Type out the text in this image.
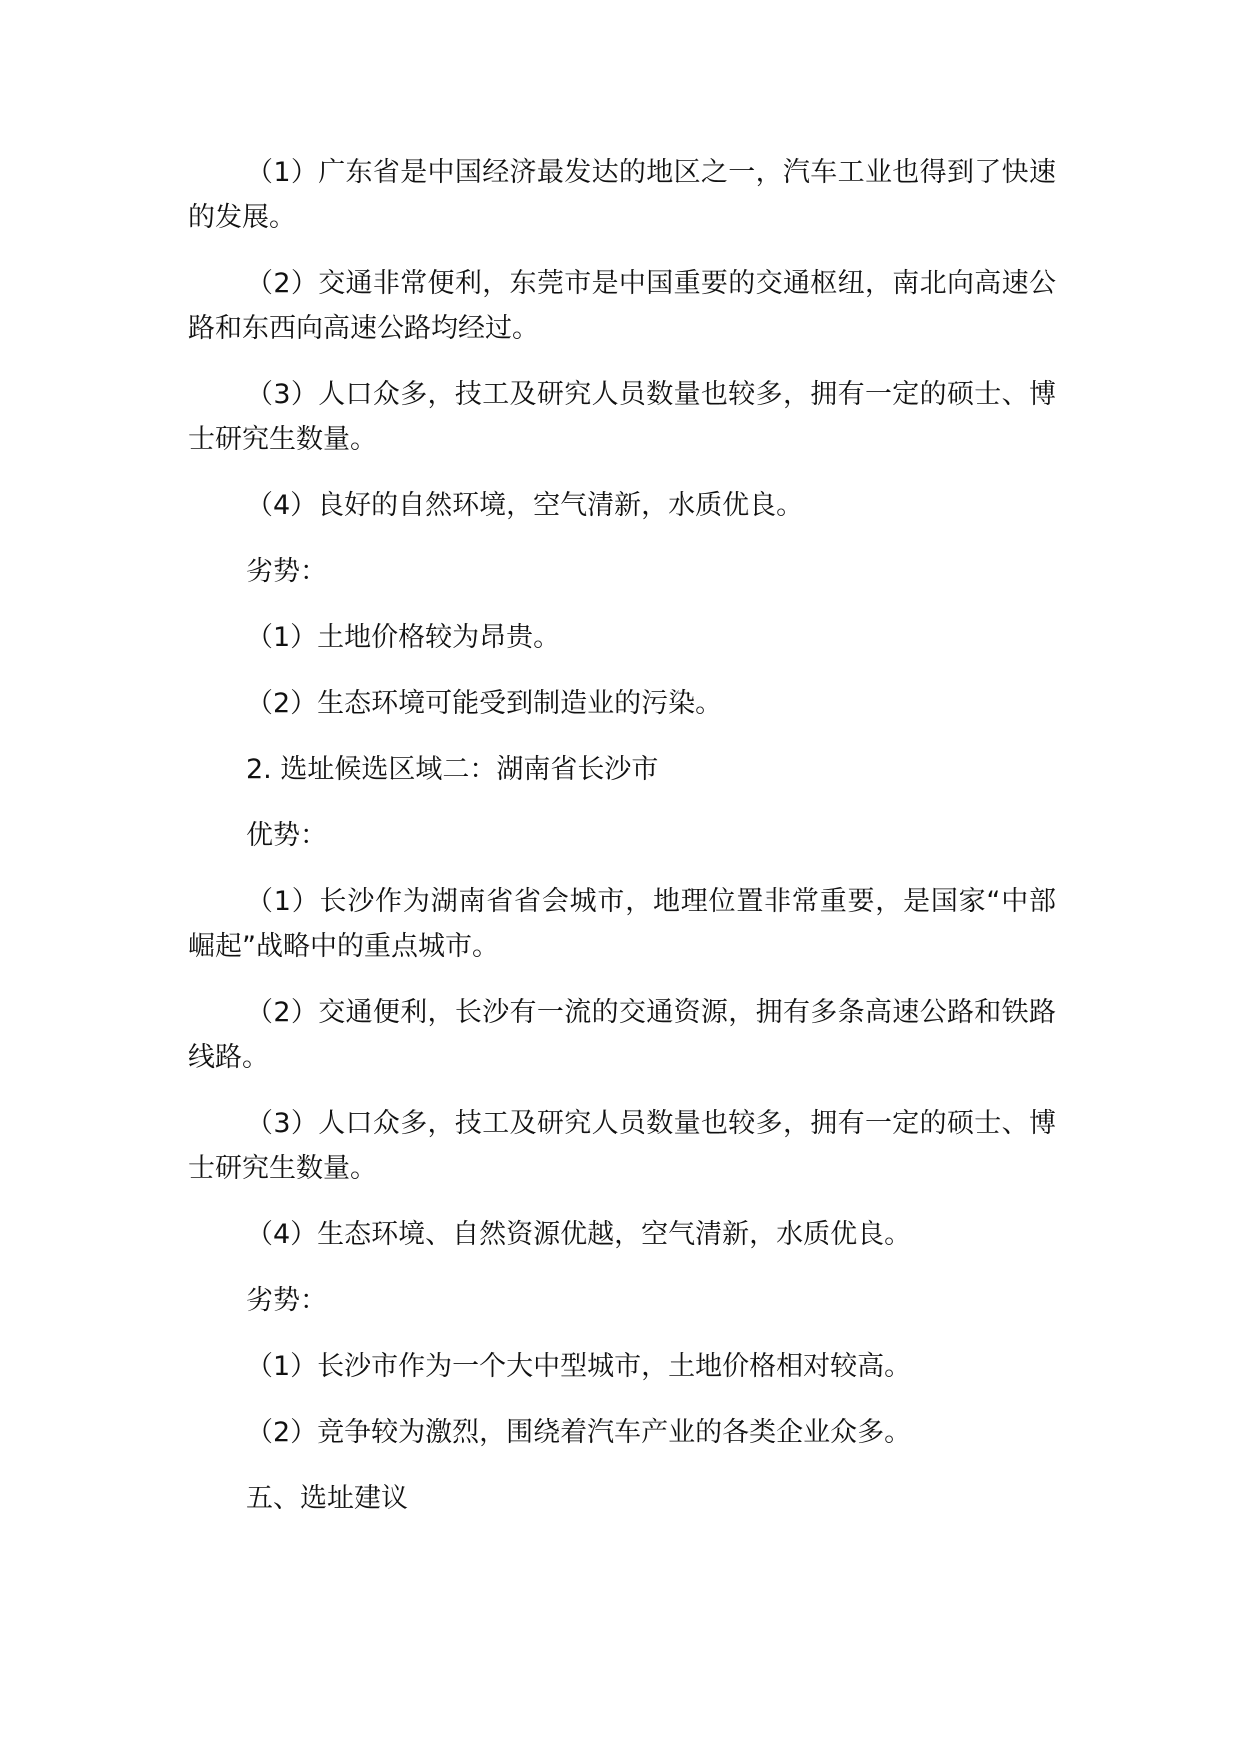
（1）广东省是中国经济最发达的地区之一，汽车工业也得到了快速的发展。

（2）交通非常便利，东莞市是中国重要的交通枢纽，南北向高速公路和东西向高速公路均经过。

（3）人口众多，技工及研究人员数量也较多，拥有一定的硕士、博士研究生数量。

（4）良好的自然环境，空气清新，水质优良。

劣势：

（1）土地价格较为昂贵。

（2）生态环境可能受到制造业的污染。

2. 选址候选区域二：湖南省长沙市

优势：

（1）长沙作为湖南省省会城市，地理位置非常重要，是国家“中部崛起”战略中的重点城市。

（2）交通便利，长沙有一流的交通资源，拥有多条高速公路和铁路线路。

（3）人口众多，技工及研究人员数量也较多，拥有一定的硕士、博士研究生数量。

（4）生态环境、自然资源优越，空气清新，水质优良。

劣势：

（1）长沙市作为一个大中型城市，土地价格相对较高。

（2）竞争较为激烈，围绕着汽车产业的各类企业众多。

五、选址建议
